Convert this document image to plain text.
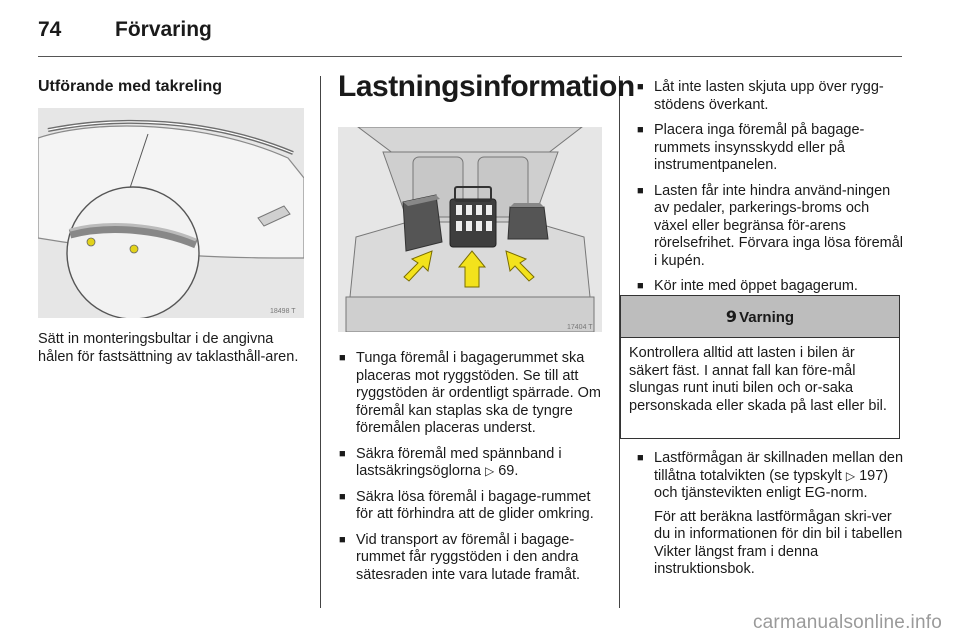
74	Förvaring
Utförande med takreling
18498 T

Sätt in monteringsbultar i de angivna hålen för fastsättning av taklasthåll-aren.

Lastningsinformation
17404 T
■ Tunga föremål i bagagerummet ska placeras mot ryggstöden. Se till att ryggstöden är ordentligt spärrade. Om föremål kan staplas ska de tyngre föremålen placeras underst.
■ Säkra föremål med spännband i lastsäkringsöglorna ▷ 69.
■ Säkra lösa föremål i bagage-rummet för att förhindra att de glider omkring.
■ Vid transport av föremål i bagage-rummet får ryggstöden i den andra sätesraden inte vara lutade framåt.
■ Låt inte lasten skjuta upp över rygg-stödens överkant.
■ Placera inga föremål på bagage-rummets insynsskydd eller på instrumentpanelen.
■ Lasten får inte hindra använd-ningen av pedaler, parkerings-broms och växel eller begränsa för-arens rörelsefrihet. Förvara inga lösa föremål i kupén.
■ Kör inte med öppet bagagerum.
9 Varning

Kontrollera alltid att lasten i bilen är säkert fäst. I annat fall kan före-mål slungas runt inuti bilen och or-saka personskada eller skada på last eller bil.

■ Lastförmågan är skillnaden mellan den tillåtna totalvikten (se typskylt ▷ 197) och tjänstevikten enligt EG-norm.

För att beräkna lastförmågan skri-ver du in informationen för din bil i tabellen Vikter längst fram i denna instruktionsbok.

carmanualsonline.info
